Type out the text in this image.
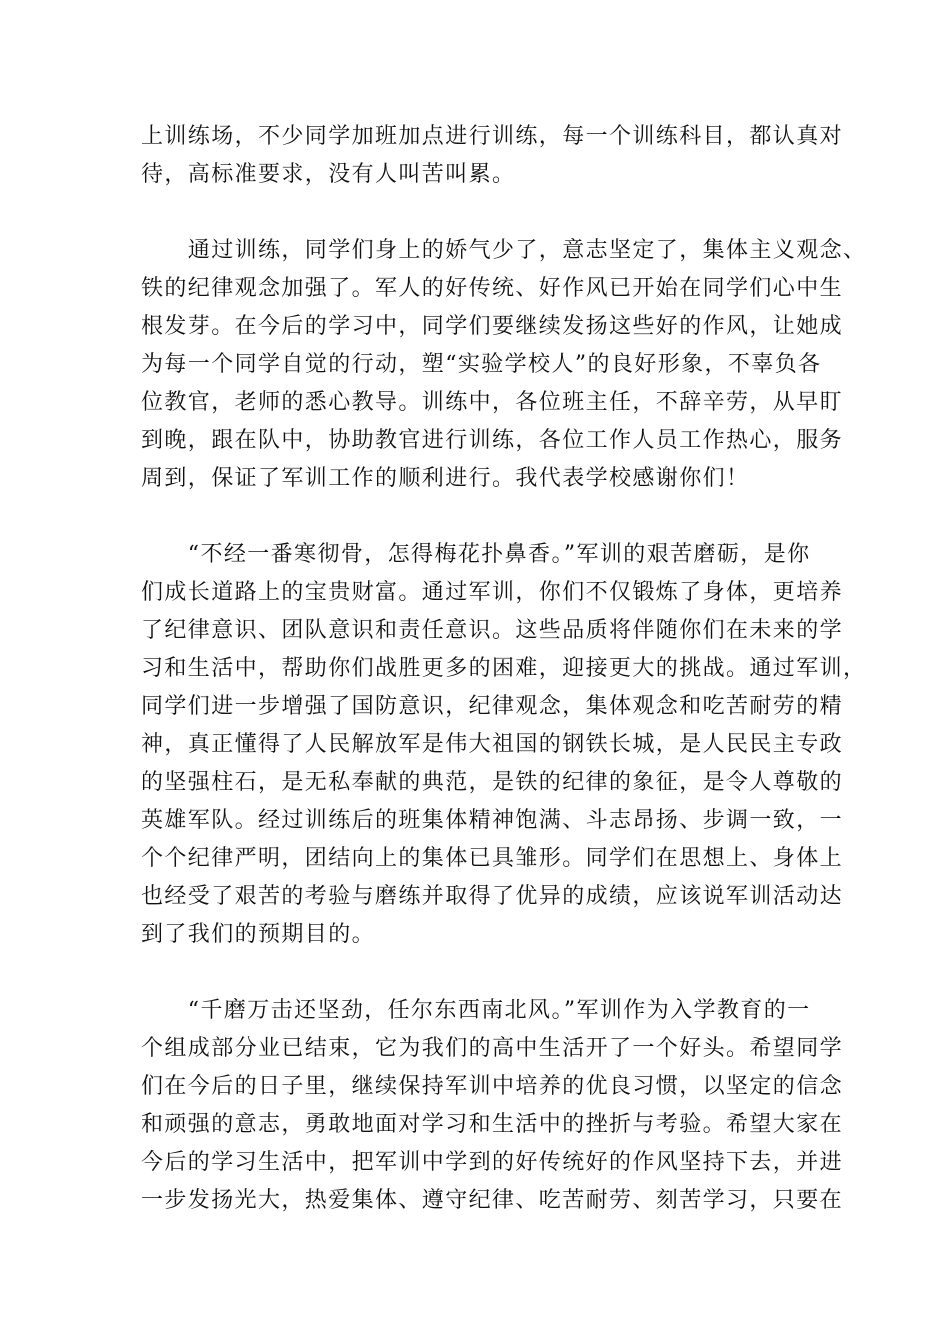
上训练场，不少同学加班加点进行训练，每一个训练科目，都认真对
待，高标准要求，没有人叫苦叫累。
　　通过训练，同学们身上的娇气少了，意志坚定了，集体主义观念、
铁的纪律观念加强了。军人的好传统、好作风已开始在同学们心中生
根发芽。在今后的学习中，同学们要继续发扬这些好的作风，让她成
为每一个同学自觉的行动，塑“实验学校人”的良好形象，不辜负各
位教官，老师的悉心教导。训练中，各位班主任，不辞辛劳，从早盯
到晚，跟在队中，协助教官进行训练，各位工作人员工作热心，服务
周到，保证了军训工作的顺利进行。我代表学校感谢你们！
　　“不经一番寒彻骨，怎得梅花扑鼻香。”军训的艰苦磨砺，是你
们成长道路上的宝贵财富。通过军训，你们不仅锻炼了身体，更培养
了纪律意识、团队意识和责任意识。这些品质将伴随你们在未来的学
习和生活中，帮助你们战胜更多的困难，迎接更大的挑战。通过军训，
同学们进一步增强了国防意识，纪律观念，集体观念和吃苦耐劳的精
神，真正懂得了人民解放军是伟大祖国的钢铁长城，是人民民主专政
的坚强柱石，是无私奉献的典范，是铁的纪律的象征，是令人尊敬的
英雄军队。经过训练后的班集体精神饱满、斗志昂扬、步调一致，一
个个纪律严明，团结向上的集体已具雏形。同学们在思想上、身体上
也经受了艰苦的考验与磨练并取得了优异的成绩，应该说军训活动达
到了我们的预期目的。
　　“千磨万击还坚劲，任尔东西南北风。”军训作为入学教育的一
个组成部分业已结束，它为我们的高中生活开了一个好头。希望同学
们在今后的日子里，继续保持军训中培养的优良习惯，以坚定的信念
和顽强的意志，勇敢地面对学习和生活中的挫折与考验。希望大家在
今后的学习生活中，把军训中学到的好传统好的作风坚持下去，并进
一步发扬光大，热爱集体、遵守纪律、吃苦耐劳、刻苦学习，只要在
